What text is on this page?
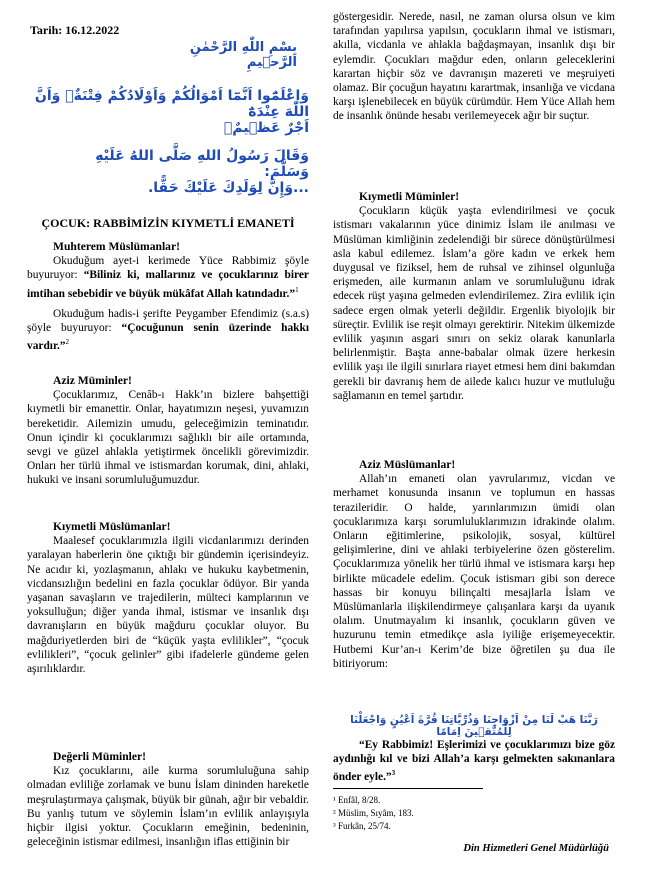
Tarih: 16.12.2022
بِسْمِ اللّٰهِ الرَّحْمٰنِ الرَّح۪يمِ
وَاعْلَمُٓوا اَنَّمَٓا اَمْوَالُكُمْ وَاَوْلَادُكُمْ فِتْنَةٌۙ وَاَنَّ اللّٰهَ عِنْدَهُٓ
اَجْرٌ عَظ۪يمٌ۟
وَقَالَ رَسُولُ اللهِ صَلَّى اللهُ عَلَيْهِ وَسَلَّمَ:
...وَإِنَّ لِوَلَدِكَ عَلَيْكَ حَقًّا.
ÇOCUK: RABBİMİZİN KIYMETLİ EMANETİ

Muhterem Müslümanlar!

Okuduğum ayet-i kerimede Yüce Rabbimiz şöyle buyuruyor: “Biliniz ki, mallarınız ve çocuklarınız birer imtihan sebebidir ve büyük mükâfat Allah katındadır.”$^1$

Okuduğum hadis-i şerifte Peygamber Efendimiz (s.a.s) şöyle buyuruyor: “Çocuğunun senin üzerinde hakkı vardır.”$^2$

Aziz Müminler!

Çocuklarımız, Cenâb-ı Hakk’ın bizlere bahşettiği kıymetli bir emanettir. Onlar, hayatımızın neşesi, yuvamızın bereketidir. Ailemizin umudu, geleceğimizin teminatıdır. Onun içindir ki çocuklarımızı sağlıklı bir aile ortamında, sevgi ve güzel ahlakla yetiştirmek öncelikli görevimizdir. Onları her türlü ihmal ve istismardan korumak, dini, ahlaki, hukuki ve insani sorumluluğumuzdur.

Kıymetli Müslümanlar!

Maalesef çocuklarımızla ilgili vicdanlarımızı derinden yaralayan haberlerin öne çıktığı bir gündemin içerisindeyiz. Ne acıdır ki, yozlaşmanın, ahlakı ve hukuku kaybetmenin, vicdansızlığın bedelini en fazla çocuklar ödüyor. Bir yanda yaşanan savaşların ve trajedilerin, mülteci kamplarının ve yoksulluğun; diğer yanda ihmal, istismar ve insanlık dışı davranışların en büyük mağduru çocuklar oluyor. Bu mağduriyetlerden biri de “küçük yaşta evlilikler”, “çocuk evlilikleri”, “çocuk gelinler” gibi ifadelerle gündeme gelen aşırılıklardır.

Değerli Müminler!

Kız çocuklarını, aile kurma sorumluluğuna sahip olmadan evliliğe zorlamak ve bunu İslam dininden hareketle meşrulaştırmaya çalışmak, büyük bir günah, ağır bir vebaldir. Bu yanlış tutum ve söylemin İslam’ın evlilik anlayışıyla hiçbir ilgisi yoktur. Çocukların emeğinin, bedeninin, geleceğinin istismar edilmesi, insanlığın iflas ettiğinin bir

göstergesidir. Nerede, nasıl, ne zaman olursa olsun ve kim tarafından yapılırsa yapılsın, çocukların ihmal ve istismarı, akılla, vicdanla ve ahlakla bağdaşmayan, insanlık dışı bir eylemdir. Çocukları mağdur eden, onların geleceklerini karartan hiçbir söz ve davranışın mazereti ve meşruiyeti olamaz. Bir çocuğun hayatını karartmak, insanlığa ve vicdana karşı işlenebilecek en büyük cürümdür. Hem Yüce Allah hem de insanlık önünde hesabı verilemeyecek ağır bir suçtur.

Kıymetli Müminler!

Çocukların küçük yaşta evlendirilmesi ve çocuk istismarı vakalarının yüce dinimiz İslam ile anılması ve Müslüman kimliğinin zedelendiği bir sürece dönüştürülmesi asla kabul edilemez. İslam’a göre kadın ve erkek hem duygusal ve fiziksel, hem de ruhsal ve zihinsel olgunluğa erişmeden, aile kurmanın anlam ve sorumluluğunu idrak edecek rüşt yaşına gelmeden evlendirilemez. Zira evlilik için sadece ergen olmak yeterli değildir. Ergenlik biyolojik bir süreçtir. Evlilik ise reşit olmayı gerektirir. Nitekim ülkemizde evlilik yaşının asgari sınırı on sekiz olarak kanunlarla belirlenmiştir. Başta anne-babalar olmak üzere herkesin evlilik yaşı ile ilgili sınırlara riayet etmesi hem dini bakımdan gerekli bir davranış hem de ailede kalıcı huzur ve mutluluğu sağlamanın en temel şartıdır.

Aziz Müslümanlar!

Allah’ın emaneti olan yavrularımız, vicdan ve merhamet konusunda insanın ve toplumun en hassas terazileridir. O halde, yarınlarımızın ümidi olan çocuklarımıza karşı sorumluluklarımızın idrakinde olalım. Onların eğitimlerine, psikolojik, sosyal, kültürel gelişimlerine, dini ve ahlaki terbiyelerine özen gösterelim. Çocuklarımıza yönelik her türlü ihmal ve istismara karşı hep birlikte mücadele edelim. Çocuk istismarı gibi son derece hassas bir konuyu bilinçalti mesajlarla İslam ve Müslümanlarla ilişkilendirmeye çalışanlara karşı da uyanık olalım. Unutmayalım ki insanlık, çocukların güven ve huzurunu temin etmedikçe asla iyiliğe erişemeyecektir. Hutbemi Kur’an-ı Kerim’de bize öğretilen şu dua ile bitiriyorum:

رَبَّنَا هَبْ لَنَا مِنْ اَزْوَاجِنَا وَذُرِّيَّاتِنَا قُرَّةَ اَعْيُنٍ وَاجْعَلْنَا لِلْمُتَّق۪ينَ اِمَامًا

“Ey Rabbimiz! Eşlerimizi ve çocuklarımızı bize göz aydınlığı kıl ve bizi Allah’a karşı gelmekten sakınanlara önder eyle.”$^3$

¹ Enfâl, 8/28.
² Müslim, Sıyâm, 183.
³ Furkân, 25/74.
Din Hizmetleri Genel Müdürlüğü
